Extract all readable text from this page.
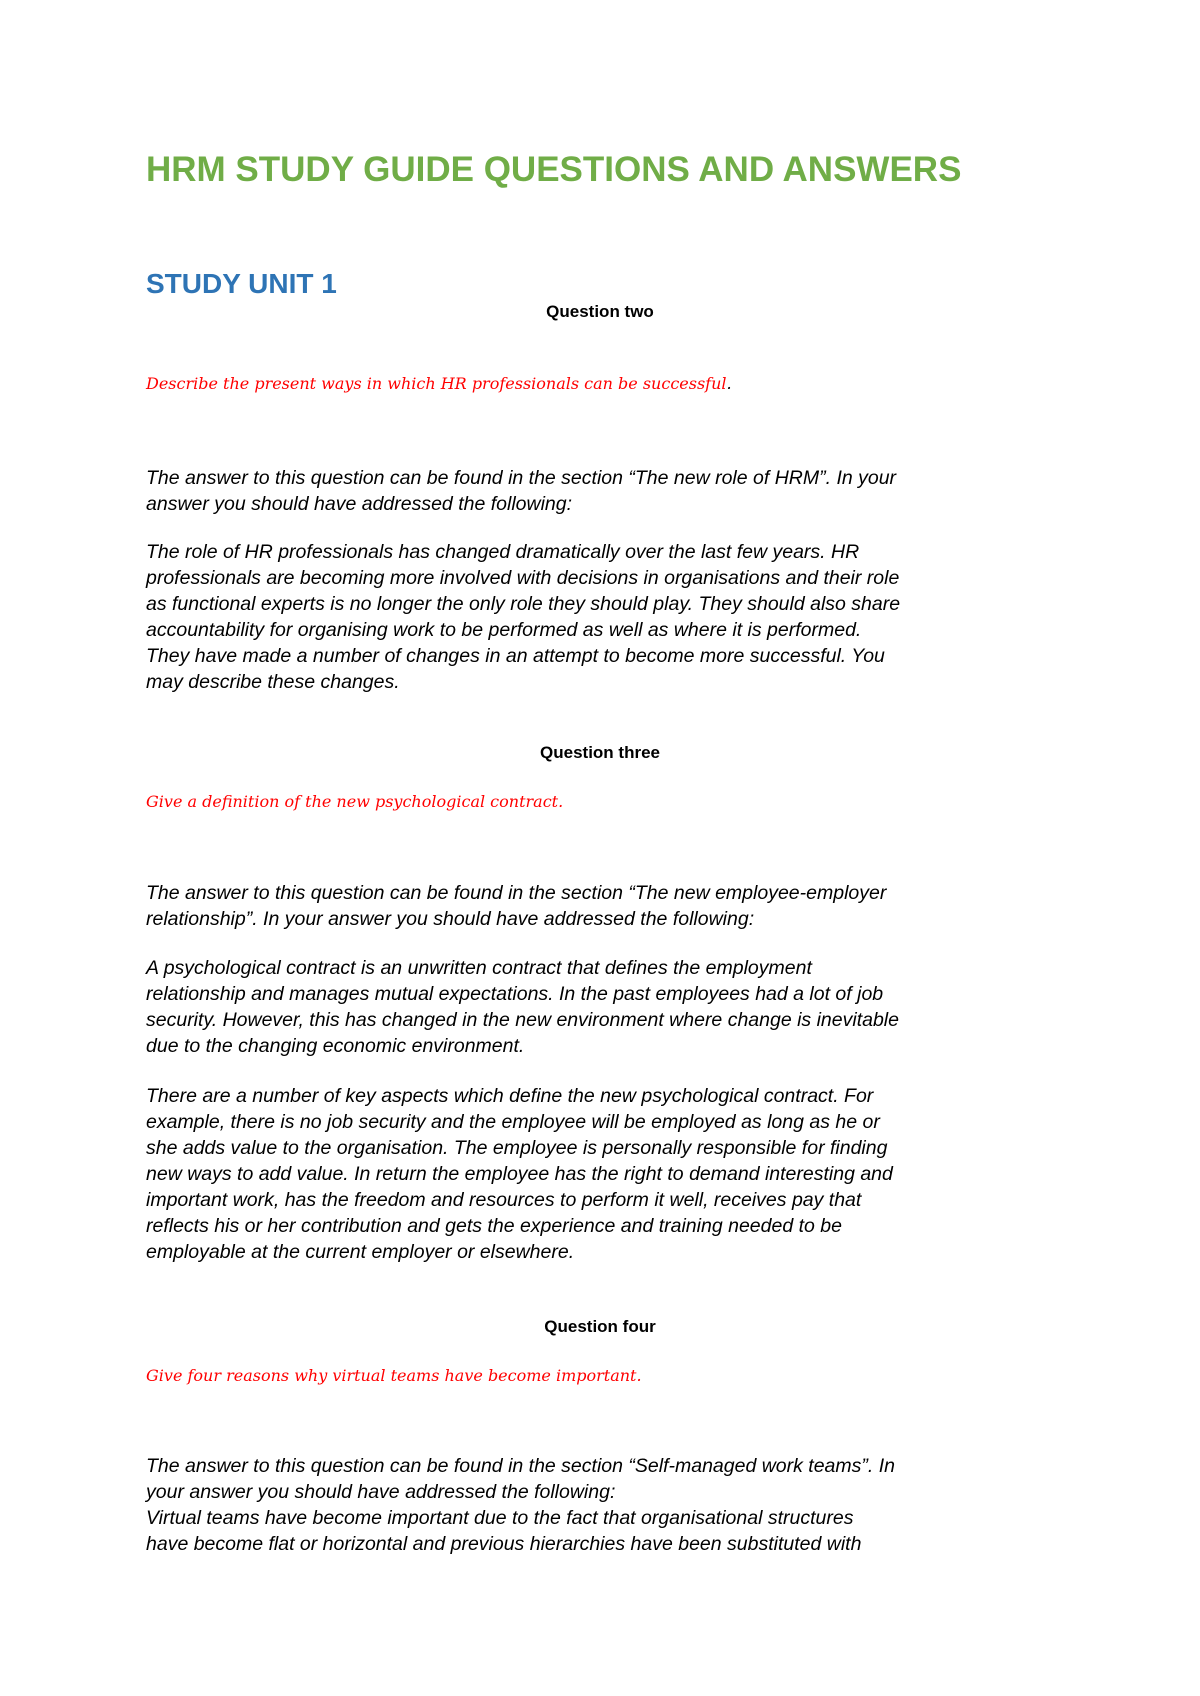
HRM STUDY GUIDE QUESTIONS AND ANSWERS
STUDY UNIT 1
Question two

Describe the present ways in which HR professionals can be successful.

The answer to this question can be found in the section “The new role of HRM”. In your
answer you should have addressed the following:

The role of HR professionals has changed dramatically over the last few years. HR
professionals are becoming more involved with decisions in organisations and their role
as functional experts is no longer the only role they should play. They should also share
accountability for organising work to be performed as well as where it is performed.
They have made a number of changes in an attempt to become more successful. You
may describe these changes.

Question three

Give a definition of the new psychological contract.

The answer to this question can be found in the section “The new employee-employer
relationship”. In your answer you should have addressed the following:

A psychological contract is an unwritten contract that defines the employment
relationship and manages mutual expectations. In the past employees had a lot of job
security. However, this has changed in the new environment where change is inevitable
due to the changing economic environment.

There are a number of key aspects which define the new psychological contract. For
example, there is no job security and the employee will be employed as long as he or
she adds value to the organisation. The employee is personally responsible for finding
new ways to add value. In return the employee has the right to demand interesting and
important work, has the freedom and resources to perform it well, receives pay that
reflects his or her contribution and gets the experience and training needed to be
employable at the current employer or elsewhere.

Question four

Give four reasons why virtual teams have become important.

The answer to this question can be found in the section “Self-managed work teams”. In
your answer you should have addressed the following:
Virtual teams have become important due to the fact that organisational structures
have become flat or horizontal and previous hierarchies have been substituted with
